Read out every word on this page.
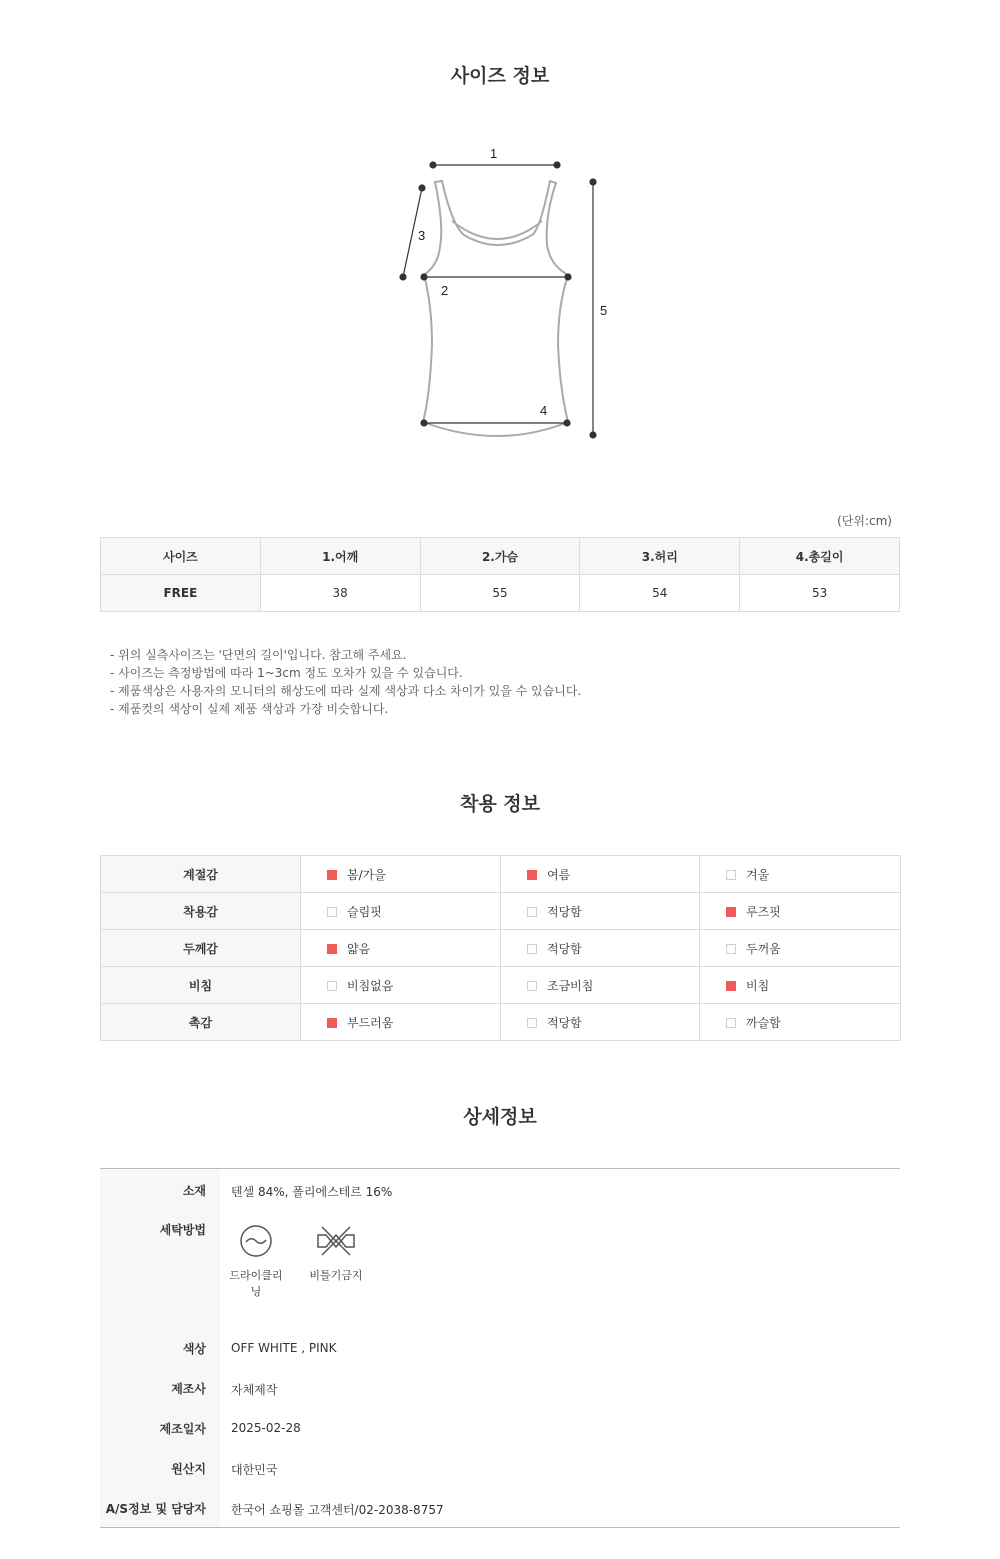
사이즈 정보
1
2
3
4
5
(단위:cm)
사이즈	1.어깨	2.가슴	3.허리	4.총길이
FREE	38	55	54	53
- 위의 실측사이즈는 '단면의 길이'입니다. 참고해 주세요.
- 사이즈는 측정방법에 따라 1~3cm 정도 오차가 있을 수 있습니다.
- 제품색상은 사용자의 모니터의 해상도에 따라 실제 색상과 다소 차이가 있을 수 있습니다.
- 제품컷의 색상이 실제 제품 색상과 가장 비슷합니다.
착용 정보
계절감	봄/가을	여름	겨울
착용감	슬림핏	적당함	루즈핏
두께감	얇음	적당함	두꺼움
비침	비침없음	조금비침	비침
촉감	부드러움	적당함	까슬함
상세정보
소재	텐셀 84%, 폴리에스테르 16%
세탁방법
드라이클리닝
비틀기금지
색상	OFF WHITE , PINK
제조사	자체제작
제조일자	2025-02-28
원산지	대한민국
A/S정보 및 담당자	한국어 쇼핑몰 고객센터/02-2038-8757
